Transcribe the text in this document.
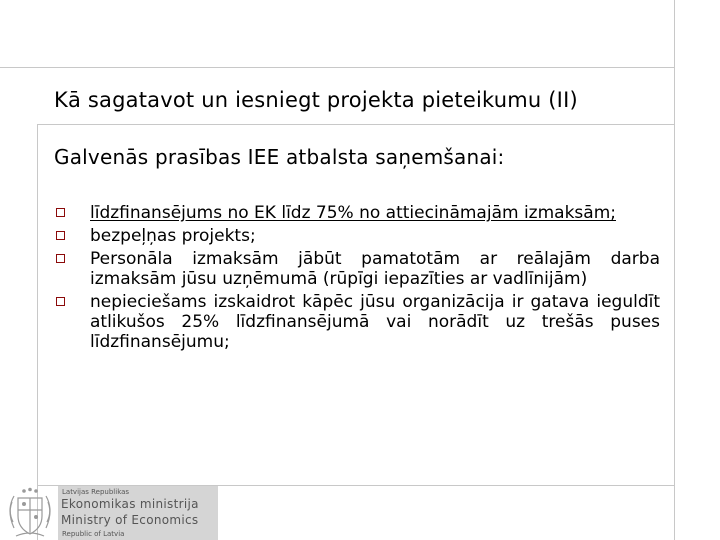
Kā sagatavot un iesniegt projekta pieteikumu (II)
Galvenās prasības IEE atbalsta saņemšanai:
līdzfinansējums no EK līdz 75% no attiecināmajām izmaksām;
bezpeļņas projekts;
Personāla izmaksām jābūt pamatotām ar reālajām darba izmaksām jūsu uzņēmumā (rūpīgi iepazīties ar vadlīnijām)
nepieciešams izskaidrot kāpēc jūsu organizācija ir gatava ieguldīt atlikušos 25% līdzfinansējumā vai norādīt uz trešās puses līdzfinansējumu;
Latvijas Republikas
Ekonomikas ministrija
Ministry of Economics
Republic of Latvia
